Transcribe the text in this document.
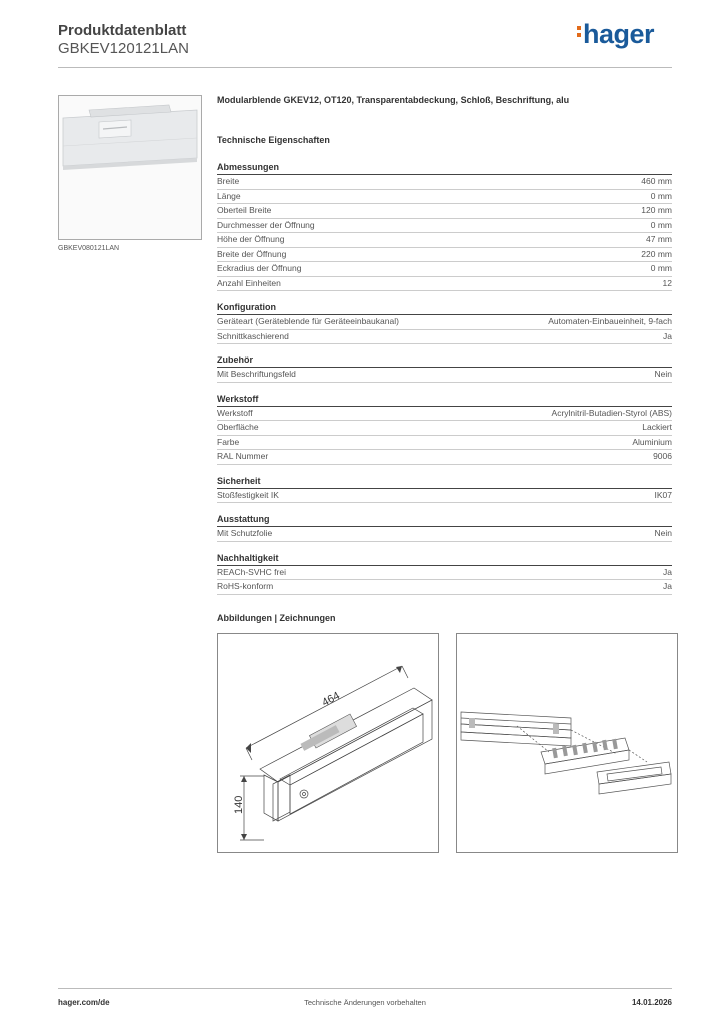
Produktdatenblatt
GBKEV120121LAN	hager
GBKEV080121LAN
Modularblende GKEV12, OT120, Transparentabdeckung, Schloß, Beschriftung, alu
Technische Eigenschaften
Abmessungen
Breite	460 mm
Länge	0 mm
Oberteil Breite	120 mm
Durchmesser der Öffnung	0 mm
Höhe der Öffnung	47 mm
Breite der Öffnung	220 mm
Eckradius der Öffnung	0 mm
Anzahl Einheiten	12
Konfiguration
Geräteart (Geräteblende für Geräteeinbaukanal)	Automaten-Einbaueinheit, 9-fach
Schnittkaschierend	Ja
Zubehör
Mit Beschriftungsfeld	Nein
Werkstoff
Werkstoff	Acrylnitril-Butadien-Styrol (ABS)
Oberfläche	Lackiert
Farbe	Aluminium
RAL Nummer	9006
Sicherheit
Stoßfestigkeit IK	IK07
Ausstattung
Mit Schutzfolie	Nein
Nachhaltigkeit
REACh-SVHC frei	Ja
RoHS-konform	Ja
Abbildungen | Zeichnungen
464
140
hager.com/de	Technische Änderungen vorbehalten	14.01.2026
